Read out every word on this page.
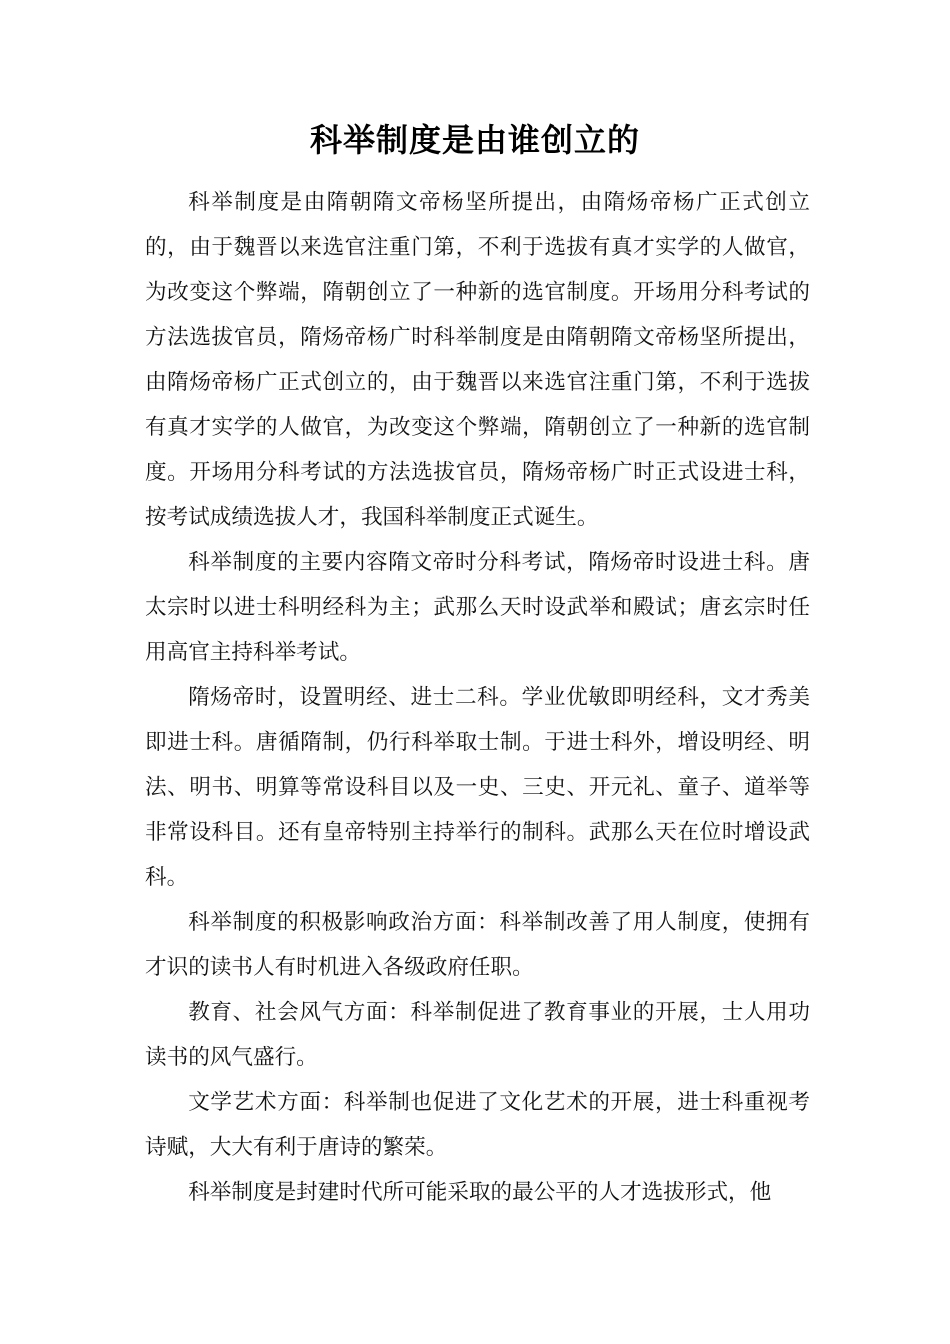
科举制度是由谁创立的

科举制度是由隋朝隋文帝杨坚所提出，由隋炀帝杨广正式创立的，由于魏晋以来选官注重门第，不利于选拔有真才实学的人做官，为改变这个弊端，隋朝创立了一种新的选官制度。开场用分科考试的方法选拔官员，隋炀帝杨广时科举制度是由隋朝隋文帝杨坚所提出，由隋炀帝杨广正式创立的，由于魏晋以来选官注重门第，不利于选拔有真才实学的人做官，为改变这个弊端，隋朝创立了一种新的选官制度。开场用分科考试的方法选拔官员，隋炀帝杨广时正式设进士科，按考试成绩选拔人才，我国科举制度正式诞生。

科举制度的主要内容隋文帝时分科考试，隋炀帝时设进士科。唐太宗时以进士科明经科为主；武那么天时设武举和殿试；唐玄宗时任用高官主持科举考试。

隋炀帝时，设置明经、进士二科。学业优敏即明经科，文才秀美即进士科。唐循隋制，仍行科举取士制。于进士科外，增设明经、明法、明书、明算等常设科目以及一史、三史、开元礼、童子、道举等非常设科目。还有皇帝特别主持举行的制科。武那么天在位时增设武科。

科举制度的积极影响政治方面：科举制改善了用人制度，使拥有才识的读书人有时机进入各级政府任职。

教育、社会风气方面：科举制促进了教育事业的开展，士人用功读书的风气盛行。

文学艺术方面：科举制也促进了文化艺术的开展，进士科重视考诗赋，大大有利于唐诗的繁荣。

科举制度是封建时代所可能采取的最公平的人才选拔形式，他
